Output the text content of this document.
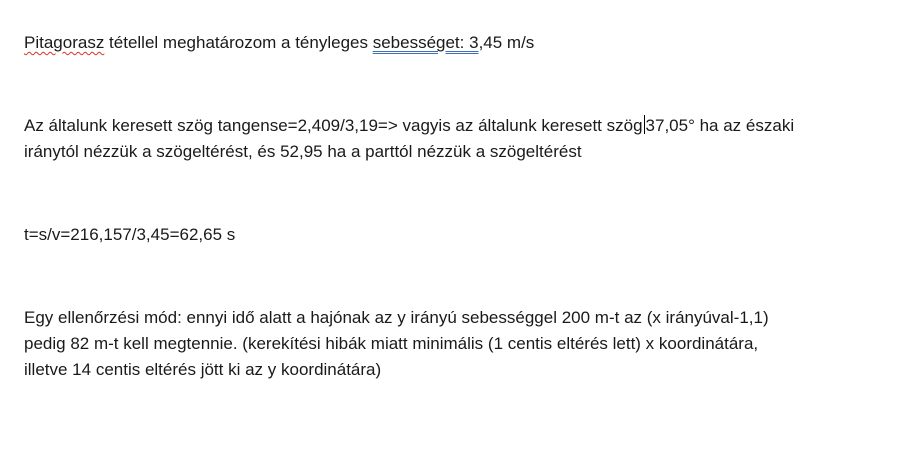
Pitagorasz tétellel meghatározom a tényleges sebességet: 3,45 m/s

Az általunk keresett szög tangense=2,409/3,19=> vagyis az általunk keresett szög 37,05° ha az északi
iránytól nézzük a szögeltérést, és 52,95 ha a parttól nézzük a szögeltérést

t=s/v=216,157/3,45=62,65 s

Egy ellenőrzési mód: ennyi idő alatt a hajónak az y irányú sebességgel 200 m-t az (x irányúval-1,1)
pedig 82 m-t kell megtennie. (kerekítési hibák miatt minimális (1 centis eltérés lett) x koordinátára,
illetve 14 centis eltérés jött ki az y koordinátára)
